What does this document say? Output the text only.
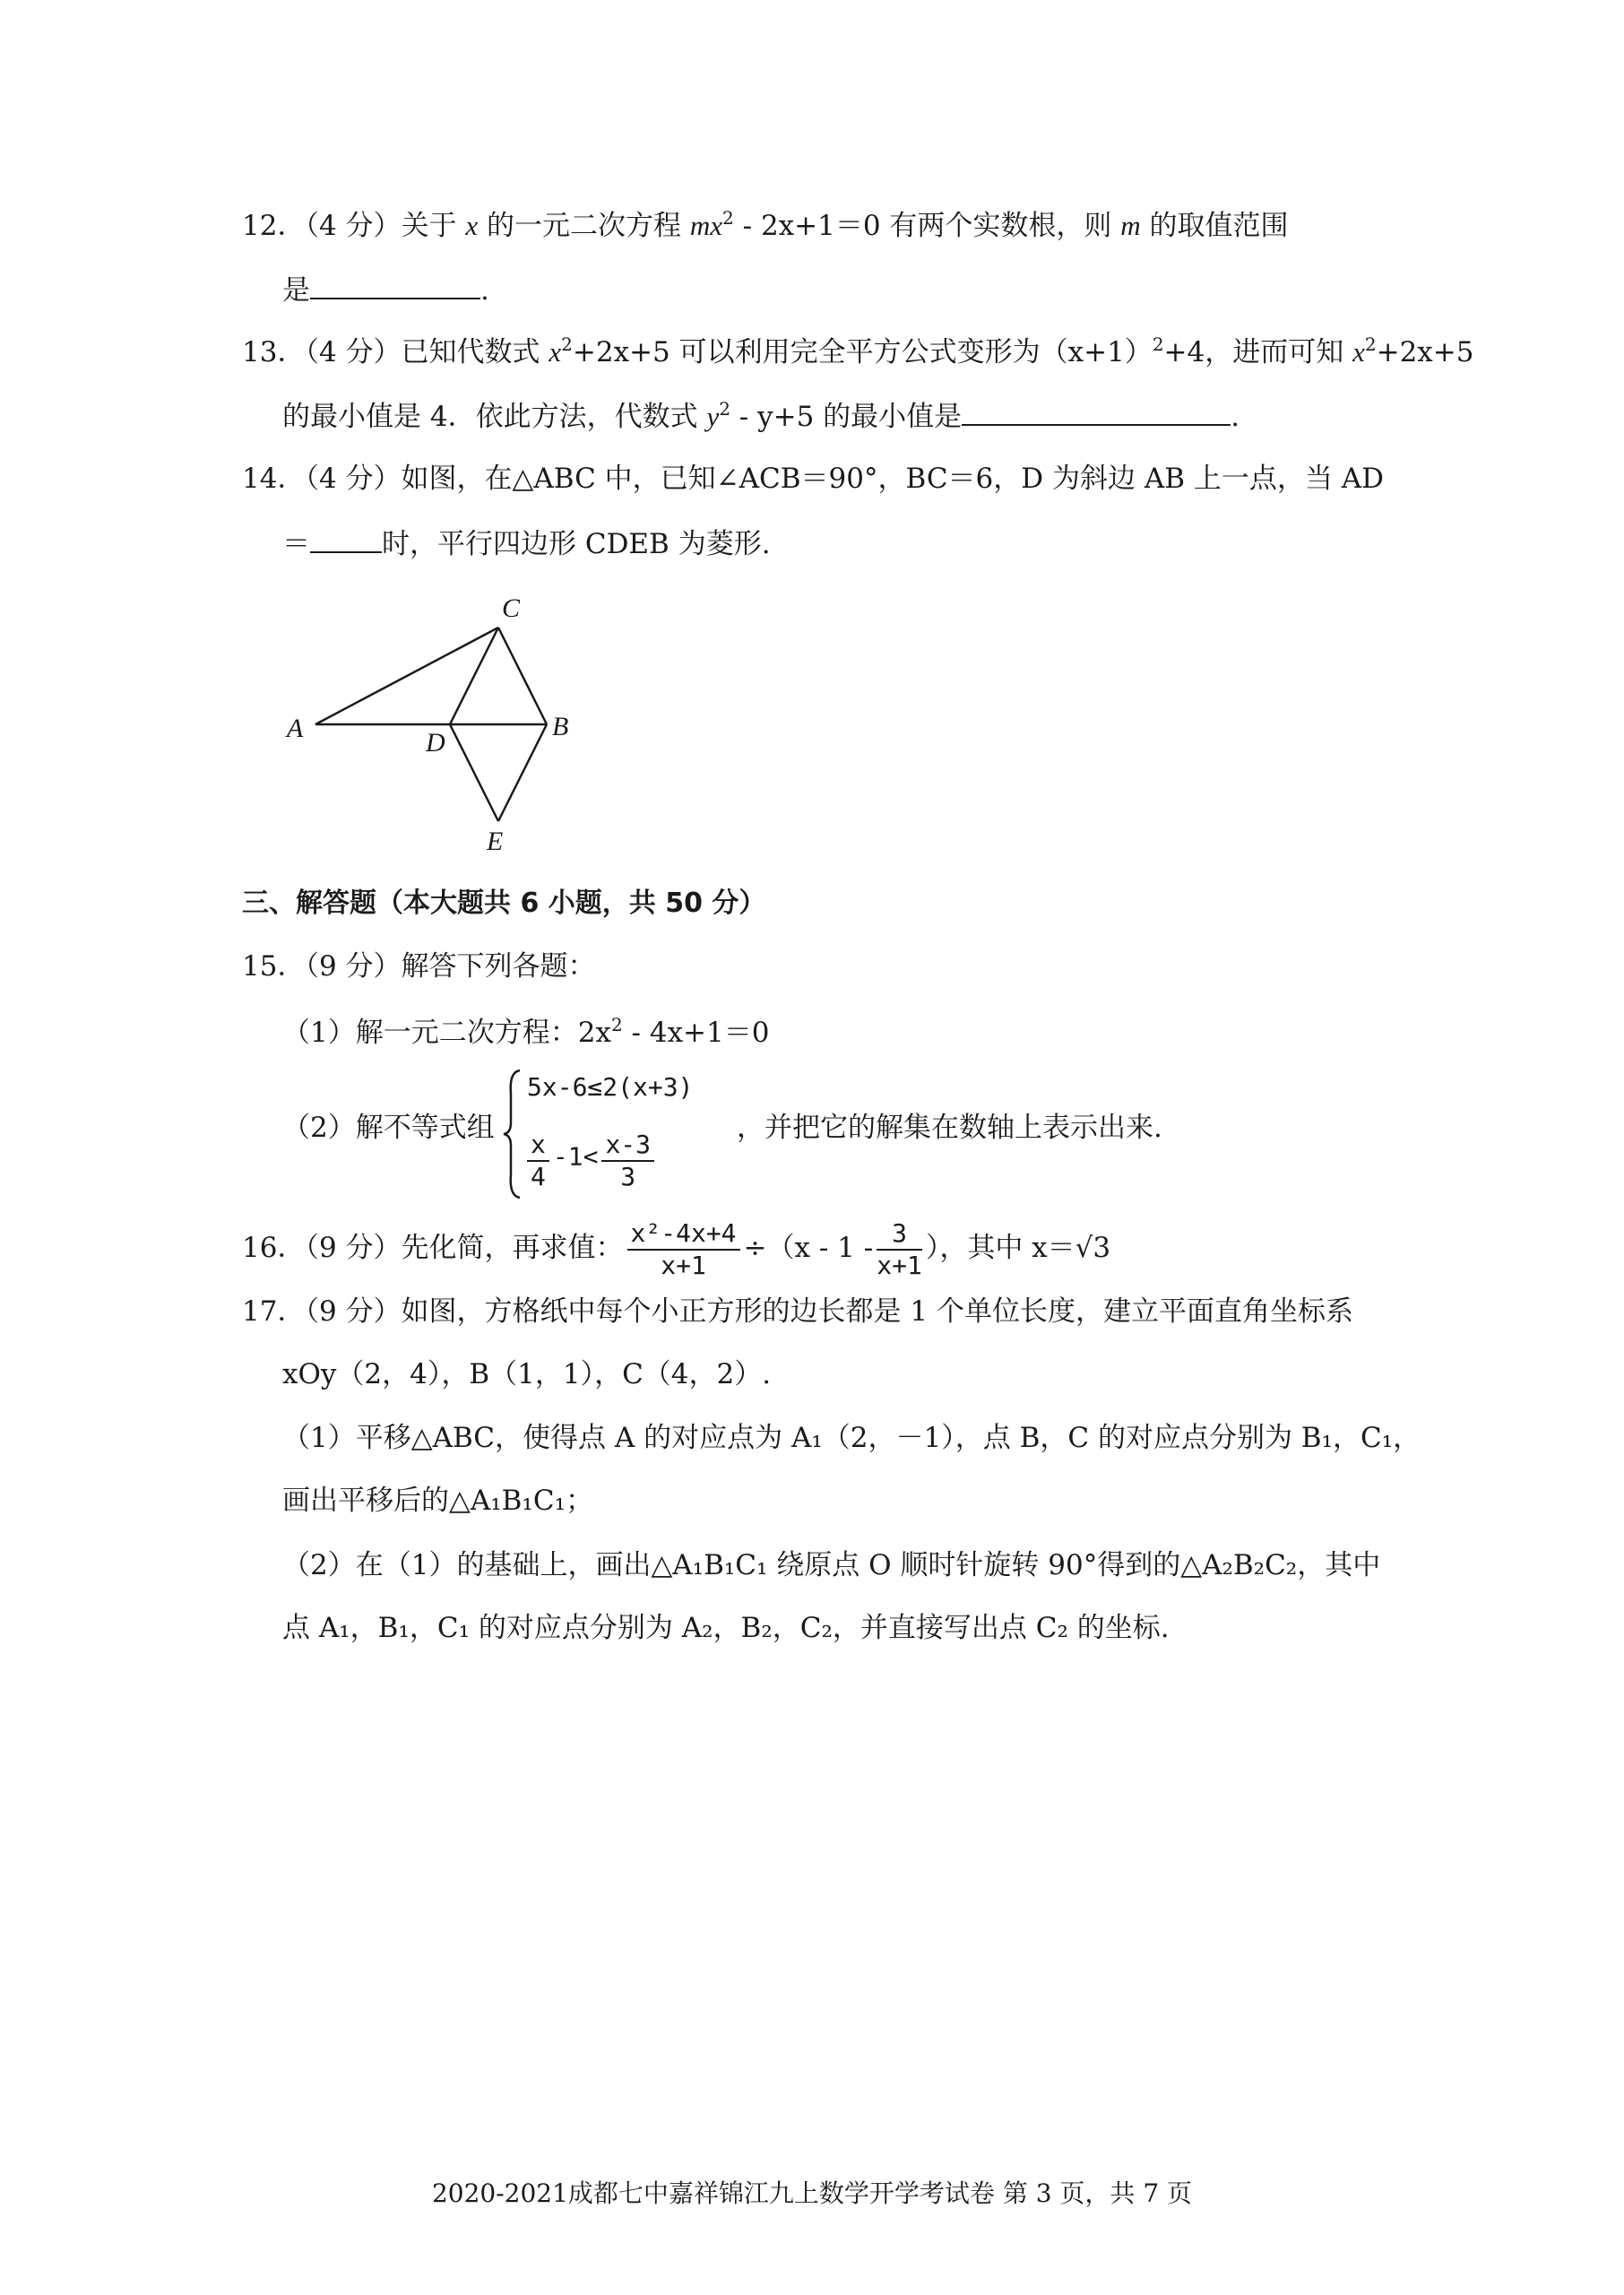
12．（4 分）关于 x 的一元二次方程 $mx^2 - 2x+1=0$ 有两个实数根，则 m 的取值范围
是	.
13．（4 分）已知代数式 $x^2+2x+5$ 可以利用完全平方公式变形为$(x+1)^2+4$，进而可知 $x^2+2x+5$
的最小值是 4．依此方法，代数式 $y^2 - y+5$ 的最小值是	.
14．（4 分）如图，在△ABC 中，已知∠ACB＝90°，BC＝6，D 为斜边 AB 上一点，当 AD
＝	时，平行四边形 CDEB 为菱形.
A	B
C
D
E
三、解答题（本大题共 6 小题，共 50 分）
15．（9 分）解答下列各题：
（1）解一元二次方程：$2x^2 - 4x+1=0$
（2）解不等式组
5x-6≤2(x+3)
$\frac{x}{4} -1< \frac{x-3}{3}$
，并把它的解集在数轴上表示出来.
16．（9 分）先化简，再求值： $\frac{\text{x²-4x+4}}{x+1} \div(x - 1 - \frac{3}{x+1}$ ），其中 x＝√3
17．（9 分）如图，方格纸中每个小正方形的边长都是 1 个单位长度，建立平面直角坐标系
xOy（2，4），B（1，1），C（4，2）.
（1）平移△ABC，使得点 A 的对应点为 A₁（2，－1），点 B，C 的对应点分别为 B₁，C₁，
画出平移后的△A₁B₁C₁；
（2）在（1）的基础上，画出△A₁B₁C₁ 绕原点 O 顺时针旋转 90°得到的△A₂B₂C₂，其中
点 A₁，B₁，C₁ 的对应点分别为 A₂，B₂，C₂，并直接写出点 C₂ 的坐标.
2020-2021成都七中嘉祥锦江九上数学开学考试卷 第 3 页，共 7 页
